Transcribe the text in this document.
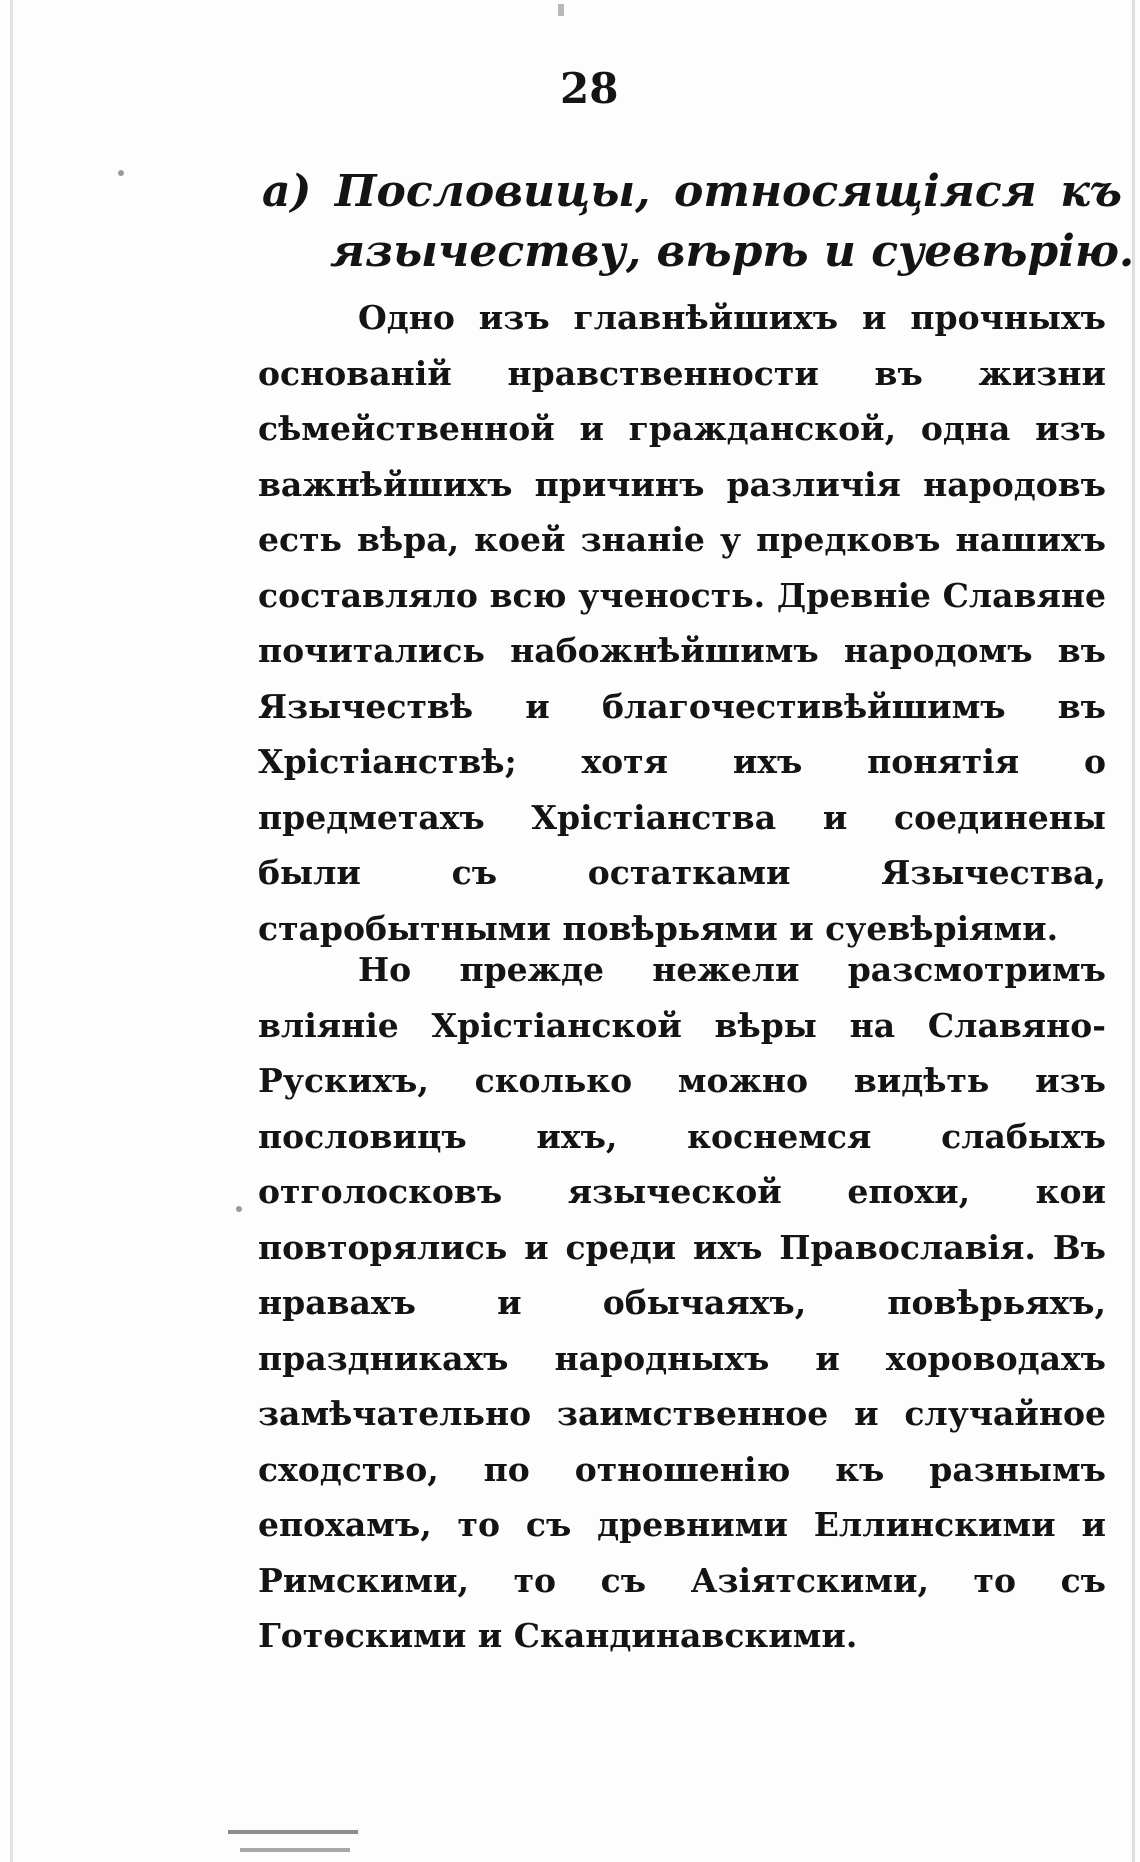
28
а) Пословицы, относящіяся къ
язычеству, вѣрѣ и суевѣрію.
Одно изъ главнѣйшихъ и прочныхъ основаній нравственности въ жизни сѣмейственной и гражданской, одна изъ важнѣйшихъ причинъ различія народовъ есть вѣра, коей знаніе у предковъ нашихъ составляло всю ученость. Древніе Славяне почитались набожнѣйшимъ народомъ въ Язычествѣ и благочестивѣйшимъ въ Хрістіанствѣ; хотя ихъ понятія о предметахъ Хрістіанства и соединены были съ остатками Язычества, старобытными повѣрьями и суевѣріями.
Но прежде нежели разсмотримъ вліяніе Хрістіанской вѣры на Славяно-Рускихъ, сколько можно видѣть изъ пословицъ ихъ, коснемся слабыхъ отголосковъ языческой епохи, кои повторялись и среди ихъ Православія. Въ нравахъ и обычаяхъ, повѣрьяхъ, праздникахъ народныхъ и хороводахъ замѣчательно заимственное и случайное сходство, по отношенію къ разнымъ епохамъ, то съ древними Еллинскими и Римскими, то съ Азіятскими, то съ Готѳскими и Скандинавскими.
